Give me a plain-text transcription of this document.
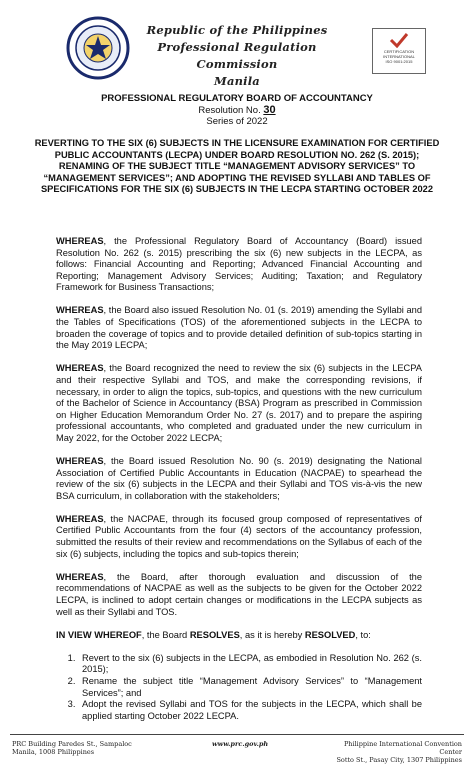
Republic of the Philippines
Professional Regulation Commission
Manila
CERTIFICATION INTERNATIONAL
ISO 9001:2015
PROFESSIONAL REGULATORY BOARD OF ACCOUNTANCY
Resolution No. 30
Series of 2022
REVERTING TO THE SIX (6) SUBJECTS IN THE LICENSURE EXAMINATION FOR CERTIFIED PUBLIC ACCOUNTANTS (LECPA) UNDER BOARD RESOLUTION NO. 262 (S. 2015); RENAMING OF THE SUBJECT TITLE “MANAGEMENT ADVISORY SERVICES” TO “MANAGEMENT SERVICES”; AND ADOPTING THE REVISED SYLLABI AND TABLES OF SPECIFICATIONS FOR THE SIX (6) SUBJECTS IN THE LECPA STARTING OCTOBER 2022

WHEREAS, the Professional Regulatory Board of Accountancy (Board) issued Resolution No. 262 (s. 2015) prescribing the six (6) new subjects in the LECPA, as follows: Financial Accounting and Reporting; Advanced Financial Accounting and Reporting; Management Advisory Services; Auditing; Taxation; and Regulatory Framework for Business Transactions;

WHEREAS, the Board also issued Resolution No. 01 (s. 2019) amending the Syllabi and the Tables of Specifications (TOS) of the aforementioned subjects in the LECPA to broaden the coverage of topics and to provide detailed definition of sub-topics starting in the May 2019 LECPA;

WHEREAS, the Board recognized the need to review the six (6) subjects in the LECPA and their respective Syllabi and TOS, and make the corresponding revisions, if necessary, in order to align the topics, sub-topics, and questions with the new curriculum of the Bachelor of Science in Accountancy (BSA) Program as prescribed in Commission on Higher Education Memorandum Order No. 27 (s. 2017) and to prepare the aspiring professional accountants, who completed and graduated under the new curriculum in May 2022, for the October 2022 LECPA;

WHEREAS, the Board issued Resolution No. 90 (s. 2019) designating the National Association of Certified Public Accountants in Education (NACPAE) to spearhead the review of the six (6) subjects in the LECPA and their Syllabi and TOS vis-à-vis the new BSA curriculum, in collaboration with the stakeholders;

WHEREAS, the NACPAE, through its focused group composed of representatives of Certified Public Accountants from the four (4) sectors of the accountancy profession, submitted the results of their review and recommendations on the Syllabus of each of the six (6) subjects, including the topics and sub-topics therein;

WHEREAS, the Board, after thorough evaluation and discussion of the recommendations of NACPAE as well as the subjects to be given for the October 2022 LECPA, is inclined to adopt certain changes or modifications in the LECPA subjects as well as their Syllabi and TOS.

IN VIEW WHEREOF, the Board RESOLVES, as it is hereby RESOLVED, to:

1. Revert to the six (6) subjects in the LECPA, as embodied in Resolution No. 262 (s. 2015);
2. Rename the subject title “Management Advisory Services” to “Management Services”; and
3. Adopt the revised Syllabi and TOS for the subjects in the LECPA, which shall be applied starting October 2022 LECPA.
PRC Building Paredes St., Sampaloc
Manila, 1008 Philippines
www.prc.gov.ph	Philippine International Convention Center
Sotto St., Pasay City, 1307 Philippines
